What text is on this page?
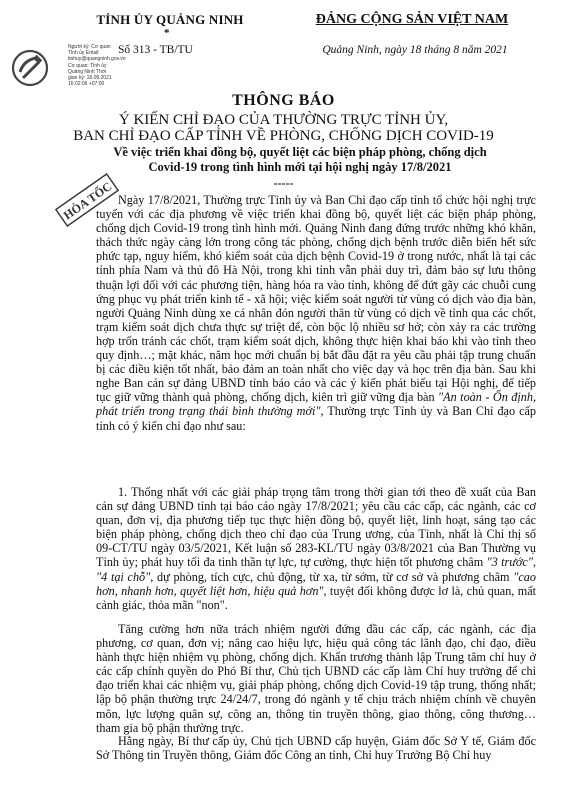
TỈNH ỦY QUẢNG NINH
*
Số 313 - TB/TU
ĐẢNG CỘNG SẢN VIỆT NAM
Quảng Ninh, ngày 18 tháng 8 năm 2021
Người ký: Cơ quan Tỉnh ủy Email: tinhuy@quangninh.gov.vn Cơ quan: Tỉnh ủy Quảng Ninh Thời gian ký: 18.08.2021 16:02:06 +07:00
THÔNG BÁO
Ý KIẾN CHỈ ĐẠO CỦA THƯỜNG TRỰC TỈNH ỦY,
BAN CHỈ ĐẠO CẤP TỈNH VỀ PHÒNG, CHỐNG DỊCH COVID-19
Về việc triển khai đồng bộ, quyết liệt các biện pháp phòng, chống dịch Covid-19 trong tình hình mới tại hội nghị ngày 17/8/2021
-----
HỎA TỐC Ngày 17/8/2021, Thường trực Tỉnh ủy và Ban Chỉ đạo cấp tỉnh tổ chức hội nghị trực tuyến với các địa phương về việc triển khai đồng bộ, quyết liệt các biện pháp phòng, chống dịch Covid-19 trong tình hình mới. Quảng Ninh đang đứng trước những khó khăn, thách thức ngày càng lớn trong công tác phòng, chống dịch bệnh trước diễn biến hết sức phức tạp, nguy hiểm, khó kiểm soát của dịch bệnh Covid-19 ở trong nước, nhất là tại các tỉnh phía Nam và thủ đô Hà Nội, trong khi tỉnh vẫn phải duy trì, đảm bảo sự lưu thông thuận lợi đối với các phương tiện, hàng hóa ra vào tỉnh, không để đứt gãy các chuỗi cung ứng phục vụ phát triển kinh tế - xã hội; việc kiểm soát người từ vùng có dịch vào địa bàn, người Quảng Ninh dùng xe cá nhân đón người thân từ vùng có dịch về tỉnh qua các chốt, trạm kiểm soát dịch chưa thực sự triệt để, còn bộc lộ nhiều sơ hở; còn xảy ra các trường hợp trốn tránh các chốt, trạm kiểm soát dịch, không thực hiện khai báo khi vào tỉnh theo quy định…; mặt khác, năm học mới chuẩn bị bắt đầu đặt ra yêu cầu phải tập trung chuẩn bị các điều kiện tốt nhất, bảo đảm an toàn nhất cho việc dạy và học trên địa bàn. Sau khi nghe Ban cán sự đảng UBND tỉnh báo cáo và các ý kiến phát biểu tại Hội nghị, để tiếp tục giữ vững thành quả phòng, chống dịch, kiên trì giữ vững địa bàn "An toàn - Ổn định, phát triển trong trạng thái bình thường mới", Thường trực Tỉnh ủy và Ban Chỉ đạo cấp tỉnh có ý kiến chỉ đạo như sau:
1. Thống nhất với các giải pháp trọng tâm trong thời gian tới theo đề xuất của Ban cán sự đảng UBND tỉnh tại báo cáo ngày 17/8/2021; yêu cầu các cấp, các ngành, các cơ quan, đơn vị, địa phương tiếp tục thực hiện đồng bộ, quyết liệt, linh hoạt, sáng tạo các biện pháp phòng, chống dịch theo chỉ đạo của Trung ương, của Tỉnh, nhất là Chỉ thị số 09-CT/TU ngày 03/5/2021, Kết luận số 283-KL/TU ngày 03/8/2021 của Ban Thường vụ Tỉnh ủy; phát huy tối đa tinh thần tự lực, tự cường, thực hiện tốt phương châm "3 trước", "4 tại chỗ", dự phòng, tích cực, chủ động, từ xa, từ sớm, từ cơ sở và phương châm "cao hơn, nhanh hơn, quyết liệt hơn, hiệu quả hơn", tuyệt đối không được lơ là, chủ quan, mất cảnh giác, thỏa mãn "non".
Tăng cường hơn nữa trách nhiệm người đứng đầu các cấp, các ngành, các địa phương, cơ quan, đơn vị; nâng cao hiệu lực, hiệu quả công tác lãnh đạo, chỉ đạo, điều hành thực hiện nhiệm vụ phòng, chống dịch. Khẩn trương thành lập Trung tâm chỉ huy ở các cấp chính quyền do Phó Bí thư, Chủ tịch UBND các cấp làm Chỉ huy trưởng để chỉ đạo triển khai các nhiệm vụ, giải pháp phòng, chống dịch Covid-19 tập trung, thống nhất; lập bộ phận thường trực 24/24/7, trong đó ngành y tế chịu trách nhiệm chính về chuyên môn, lực lượng quân sự, công an, thông tin truyền thông, giao thông, công thương… tham gia bộ phận thường trực.
Hằng ngày, Bí thư cấp ủy, Chủ tịch UBND cấp huyện, Giám đốc Sở Y tế, Giám đốc Sở Thông tin Truyền thông, Giám đốc Công an tỉnh, Chỉ huy Trưởng Bộ Chỉ huy
